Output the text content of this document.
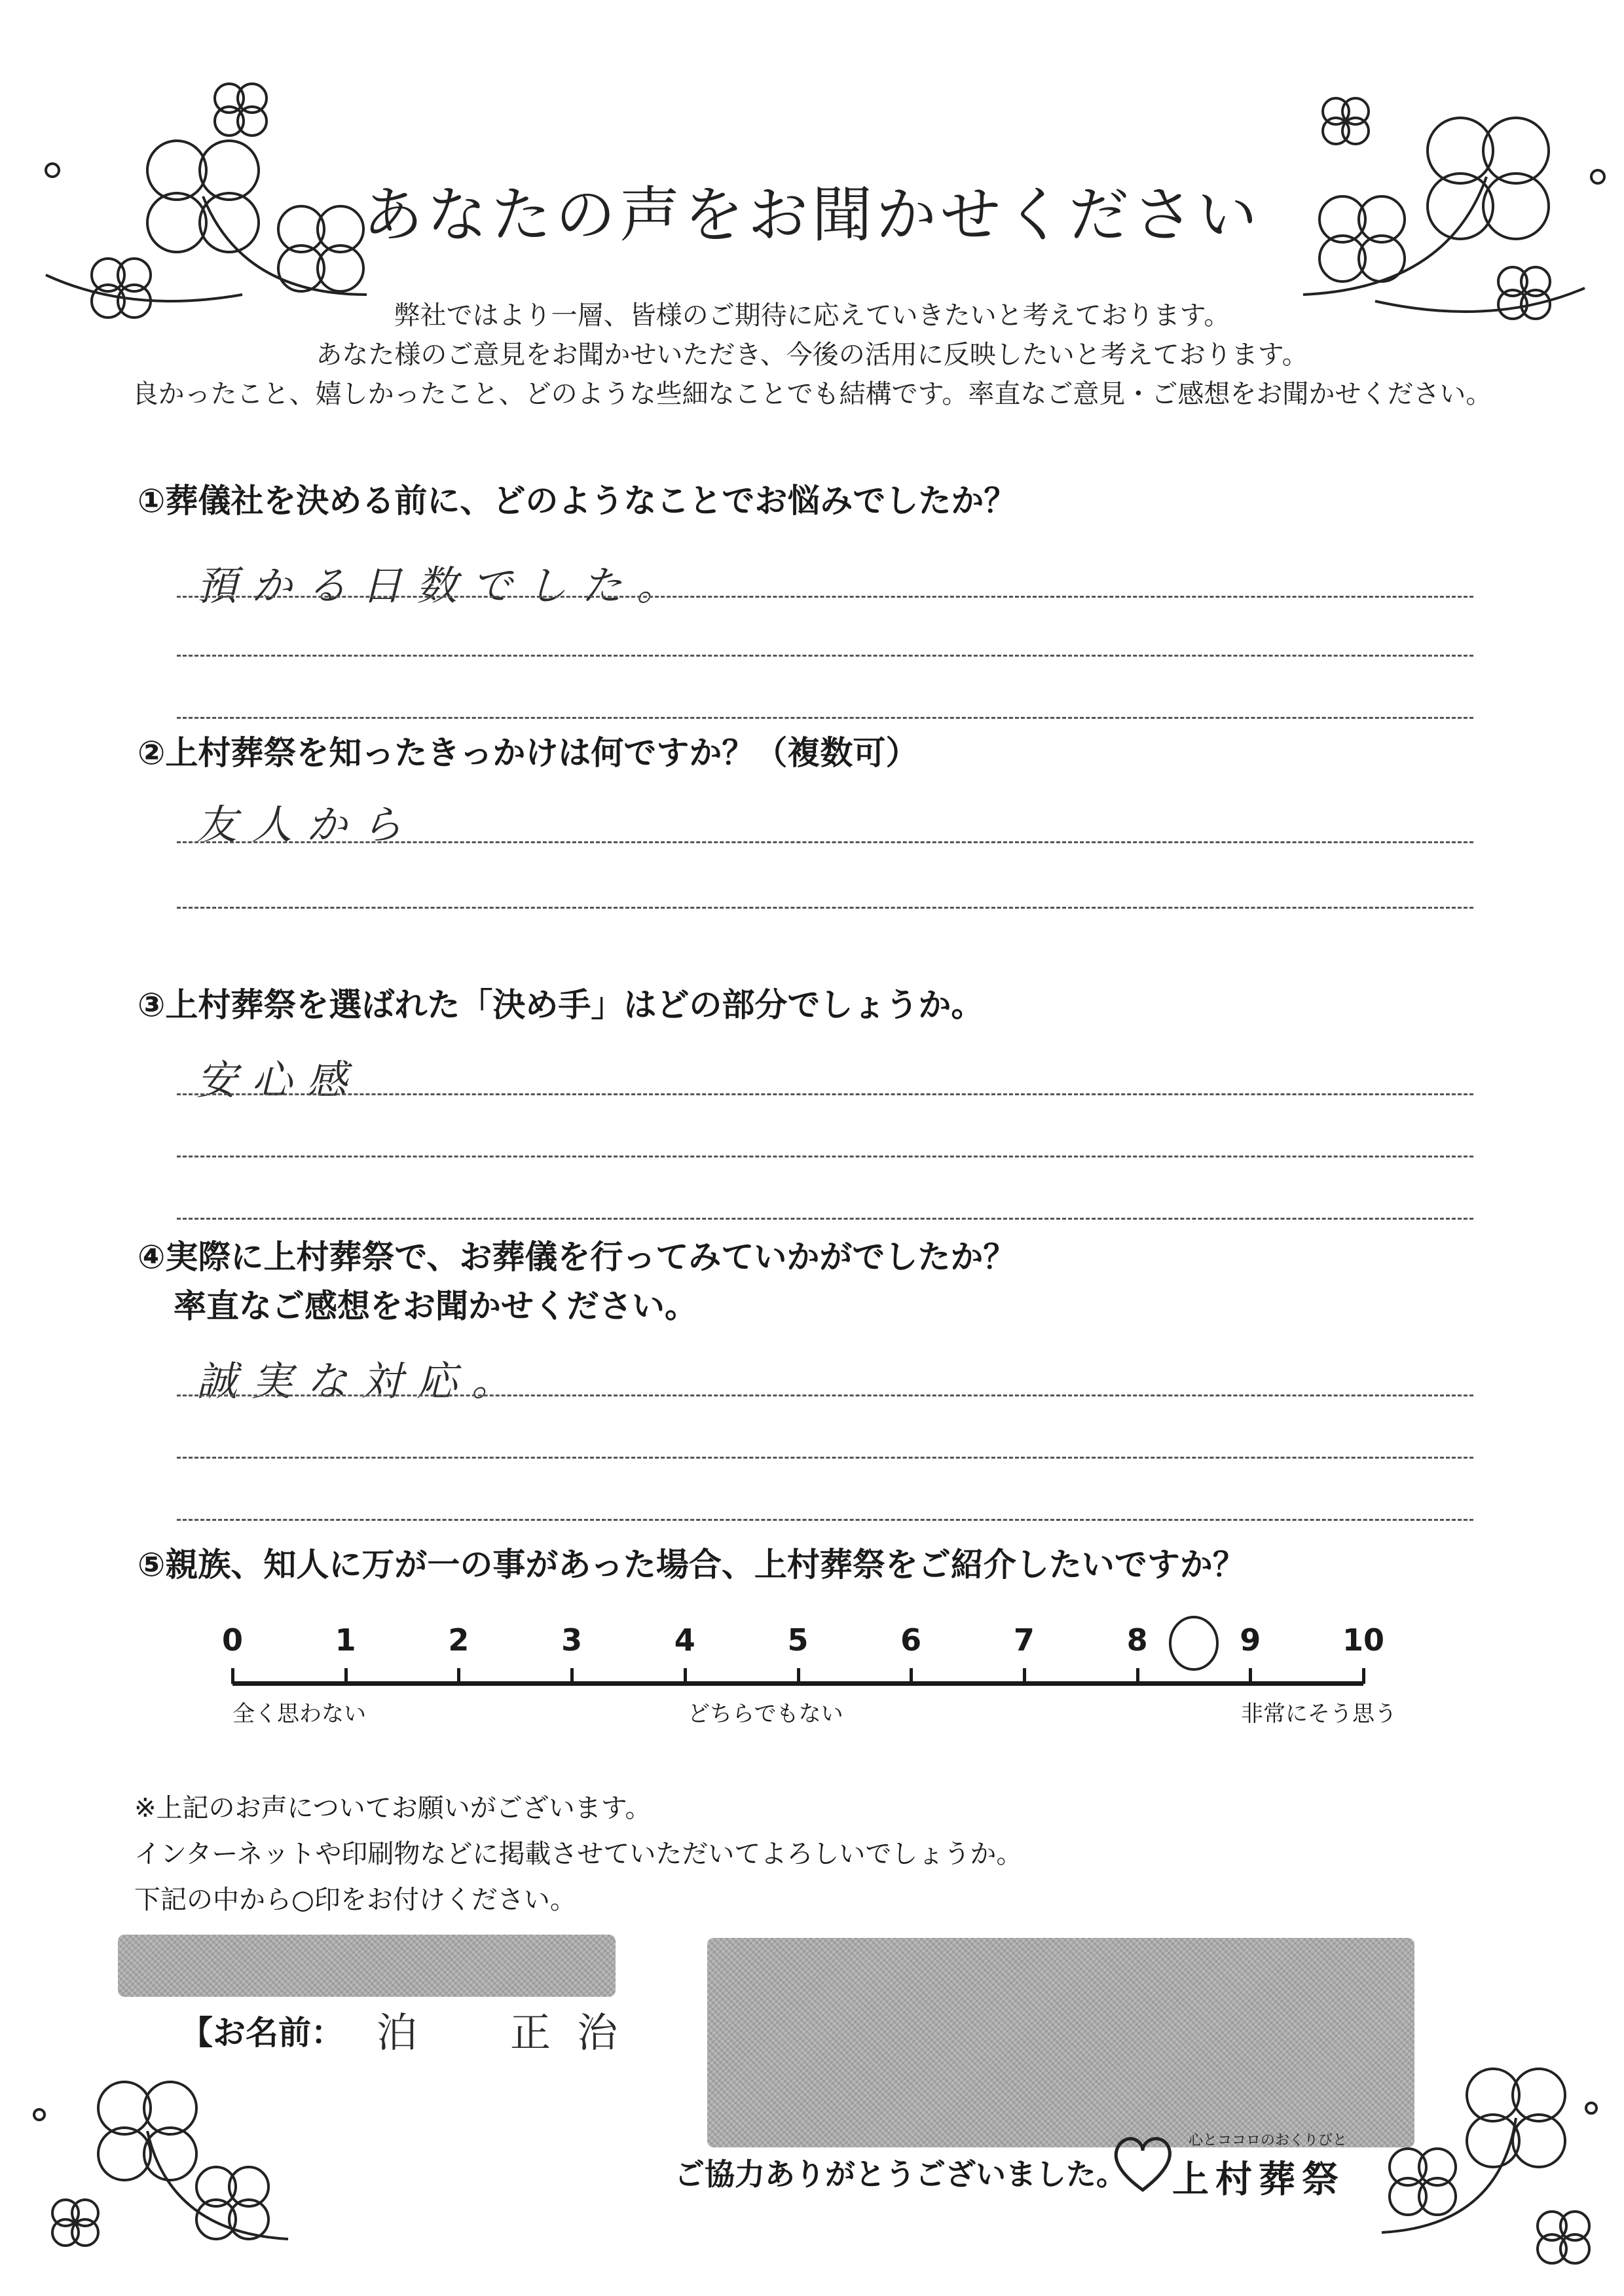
あなたの声をお聞かせください
弊社ではより一層、皆様のご期待に応えていきたいと考えております。
あなた様のご意見をお聞かせいただき、今後の活用に反映したいと考えております。
良かったこと、嬉しかったこと、どのような些細なことでも結構です。率直なご意見・ご感想をお聞かせください。
①葬儀社を決める前に、どのようなことでお悩みでしたか？
預かる日数でした。
②上村葬祭を知ったきっかけは何ですか？（複数可）
友人から
③上村葬祭を選ばれた「決め手」はどの部分でしょうか。
安心感
④実際に上村葬祭で、お葬儀を行ってみていかがでしたか？
率直なご感想をお聞かせください。
誠実な対応。
⑤親族、知人に万が一の事があった場合、上村葬祭をご紹介したいですか？
0	1	2	3	4	5	6	7	8	9	10
全く思わない	どちらでもない	非常にそう思う
※上記のお声についてお願いがございます。
インターネットや印刷物などに掲載させていただいてよろしいでしょうか。
下記の中から○印をお付けください。
【お名前： 泊　正治
ご協力ありがとうございました。
心とココロのおくりびと
上村葬祭
